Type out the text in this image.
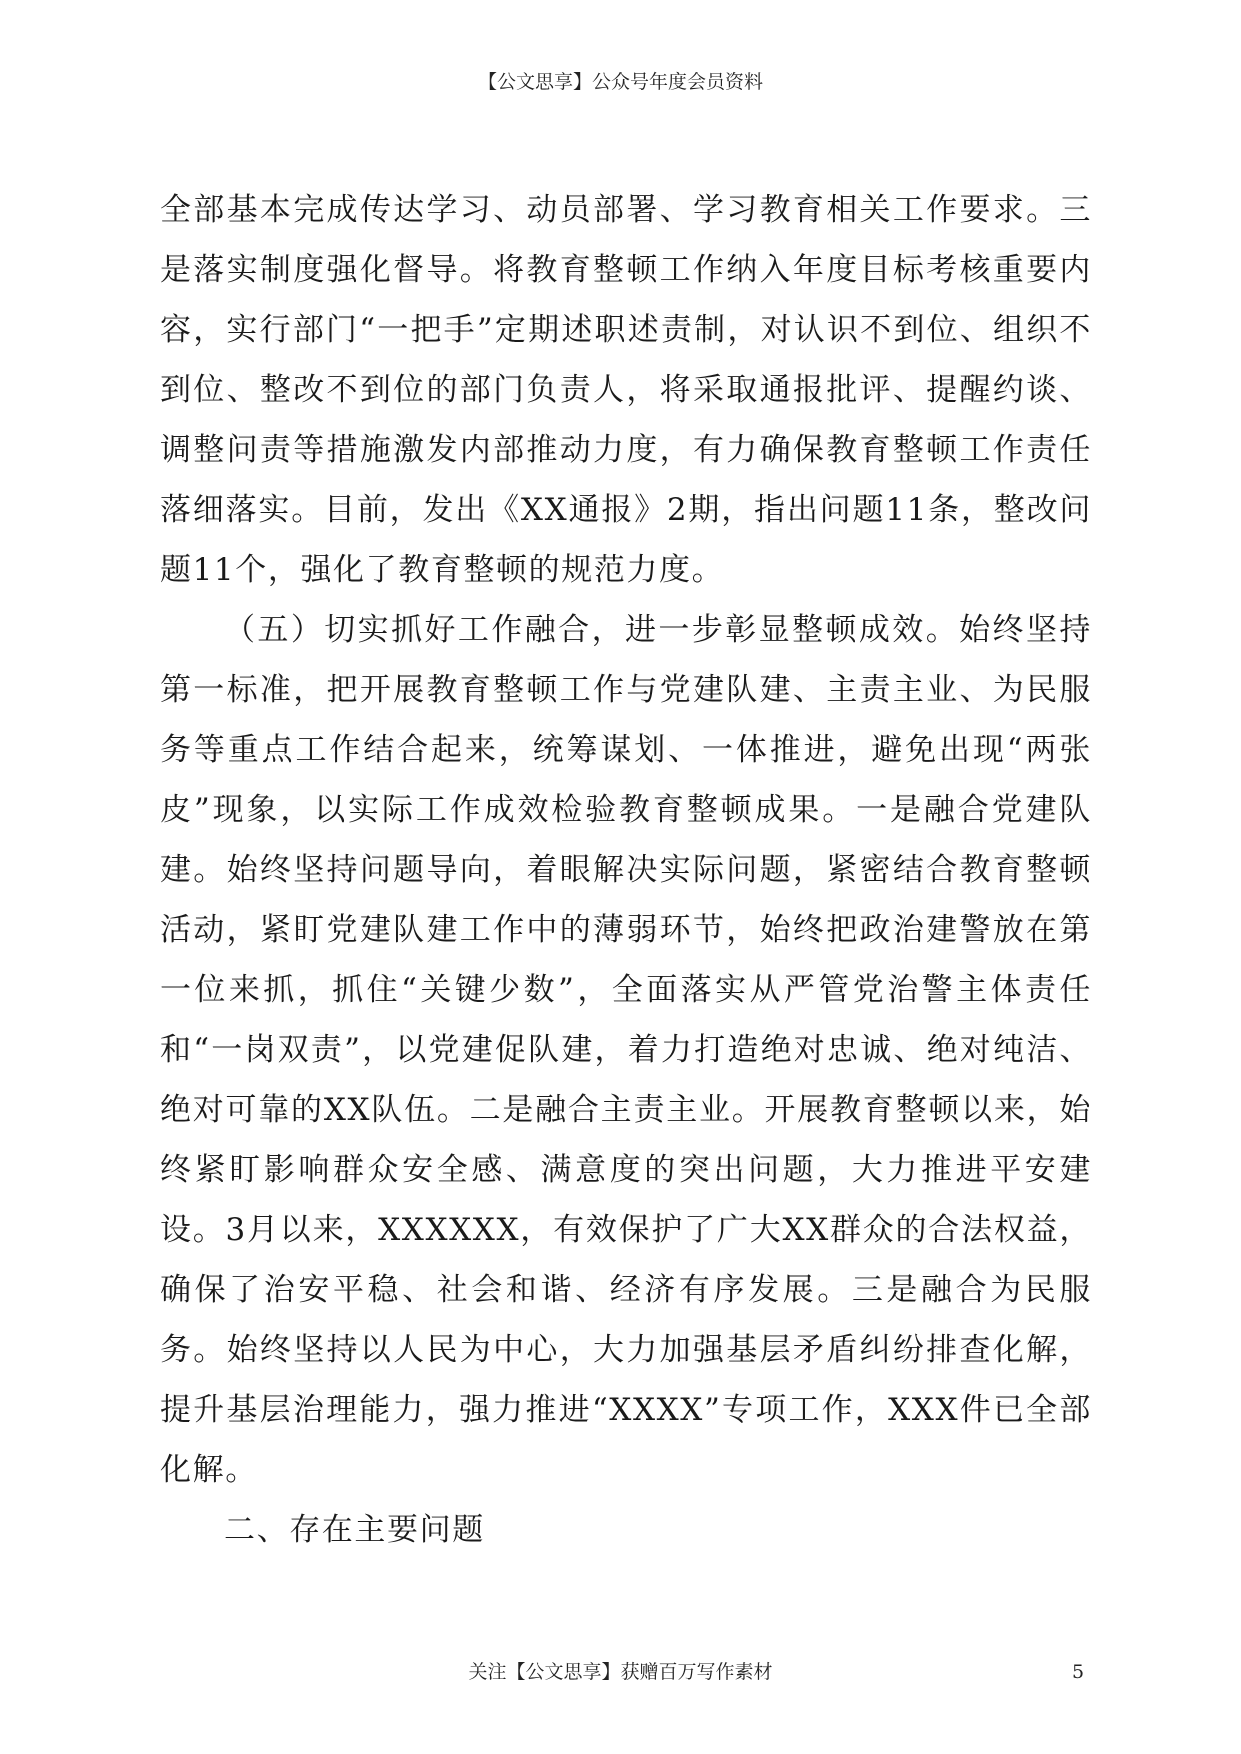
【公文思享】公众号年度会员资料

全部基本完成传达学习、动员部署、学习教育相关工作要求。三是落实制度强化督导。将教育整顿工作纳入年度目标考核重要内容，实行部门“一把手”定期述职述责制，对认识不到位、组织不到位、整改不到位的部门负责人，将采取通报批评、提醒约谈、调整问责等措施激发内部推动力度，有力确保教育整顿工作责任落细落实。目前，发出《XX通报》2期，指出问题11条，整改问题11个，强化了教育整顿的规范力度。

（五）切实抓好工作融合，进一步彰显整顿成效。始终坚持第一标准，把开展教育整顿工作与党建队建、主责主业、为民服务等重点工作结合起来，统筹谋划、一体推进，避免出现“两张皮”现象，以实际工作成效检验教育整顿成果。一是融合党建队建。始终坚持问题导向，着眼解决实际问题，紧密结合教育整顿活动，紧盯党建队建工作中的薄弱环节，始终把政治建警放在第一位来抓，抓住“关键少数”，全面落实从严管党治警主体责任和“一岗双责”，以党建促队建，着力打造绝对忠诚、绝对纯洁、绝对可靠的XX队伍。二是融合主责主业。开展教育整顿以来，始终紧盯影响群众安全感、满意度的突出问题，大力推进平安建设。3月以来，XXXXXX，有效保护了广大XX群众的合法权益，确保了治安平稳、社会和谐、经济有序发展。三是融合为民服务。始终坚持以人民为中心，大力加强基层矛盾纠纷排查化解，提升基层治理能力，强力推进“XXXX”专项工作，XXX件已全部化解。

二、存在主要问题

关注【公文思享】获赠百万写作素材	5
